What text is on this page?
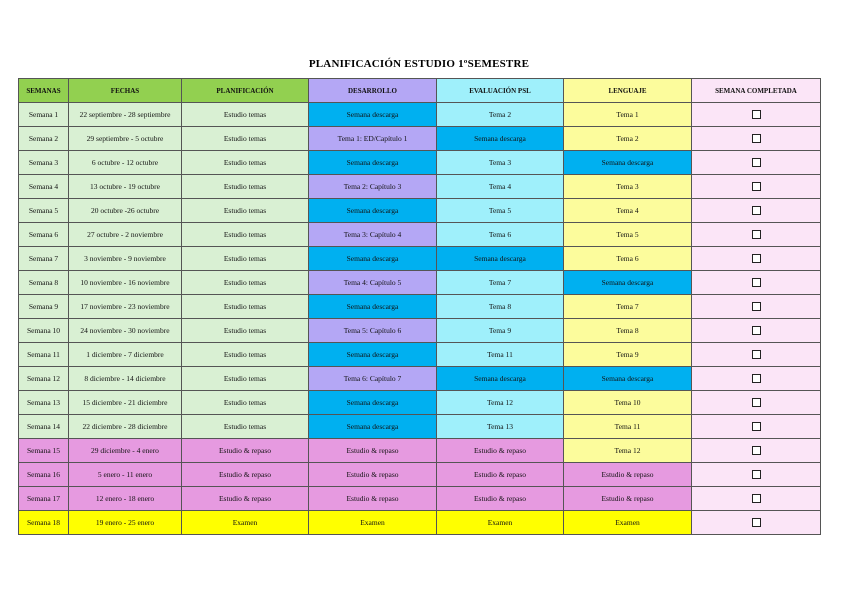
PLANIFICACIÓN ESTUDIO 1ºSEMESTRE
SEMANAS	FECHAS	PLANIFICACIÓN	DESARROLLO	EVALUACIÓN PSL	LENGUAJE	SEMANA COMPLETADA
Semana 1	22 septiembre - 28 septiembre	Estudio temas	Semana descarga	Tema 2	Tema 1	
Semana 2	29 septiembre - 5 octubre	Estudio temas	Tema 1: ED/Capítulo 1	Semana descarga	Tema 2	
Semana 3	6 octubre - 12 octubre	Estudio temas	Semana descarga	Tema 3	Semana descarga	
Semana 4	13 octubre - 19 octubre	Estudio temas	Tema 2: Capítulo 3	Tema 4	Tema 3	
Semana 5	20 octubre -26 octubre	Estudio temas	Semana descarga	Tema 5	Tema 4	
Semana 6	27 octubre - 2 noviembre	Estudio temas	Tema 3: Capítulo 4	Tema 6	Tema 5	
Semana 7	3 noviembre - 9 noviembre	Estudio temas	Semana descarga	Semana descarga	Tema 6	
Semana 8	10 noviembre - 16 noviembre	Estudio temas	Tema 4: Capítulo 5	Tema 7	Semana descarga	
Semana 9	17 noviembre - 23 noviembre	Estudio temas	Semana descarga	Tema 8	Tema 7	
Semana 10	24 noviembre - 30 noviembre	Estudio temas	Tema 5: Capítulo 6	Tema 9	Tema 8	
Semana 11	1 diciembre - 7 diciembre	Estudio temas	Semana descarga	Tema 11	Tema 9	
Semana 12	8 diciembre - 14 diciembre	Estudio temas	Tema 6: Capítulo 7	Semana descarga	Semana descarga	
Semana 13	15 diciembre - 21 diciembre	Estudio temas	Semana descarga	Tema 12	Tema 10	
Semana 14	22 diciembre - 28 diciembre	Estudio temas	Semana descarga	Tema 13	Tema 11	
Semana 15	29 diciembre - 4 enero	Estudio & repaso	Estudio & repaso	Estudio & repaso	Tema 12	
Semana 16	5 enero - 11 enero	Estudio & repaso	Estudio & repaso	Estudio & repaso	Estudio & repaso	
Semana 17	12 enero - 18 enero	Estudio & repaso	Estudio & repaso	Estudio & repaso	Estudio & repaso	
Semana 18	19 enero - 25 enero	Examen	Examen	Examen	Examen	
